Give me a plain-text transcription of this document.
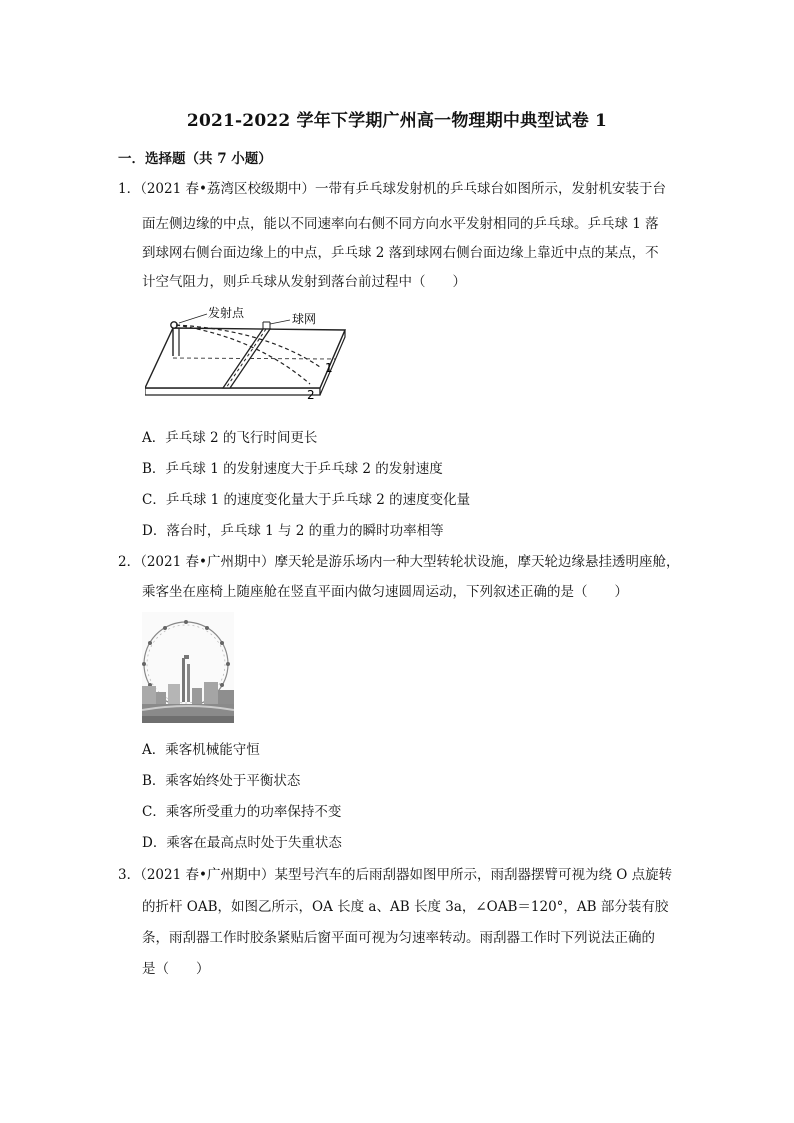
2021-2022 学年下学期广州高一物理期中典型试卷 1
一．选择题（共 7 小题）
1．（2021 春•荔湾区校级期中）一带有乒乓球发射机的乒乓球台如图所示，发射机安装于台
面左侧边缘的中点，能以不同速率向右侧不同方向水平发射相同的乒乓球。乒乓球 1 落
到球网右侧台面边缘上的中点，乒乓球 2 落到球网右侧台面边缘上靠近中点的某点，不
计空气阻力，则乒乓球从发射到落台前过程中（　　）
发射点	球网
1
2
A．乒乓球 2 的飞行时间更长
B．乒乓球 1 的发射速度大于乒乓球 2 的发射速度
C．乒乓球 1 的速度变化量大于乒乓球 2 的速度变化量
D．落台时，乒乓球 1 与 2 的重力的瞬时功率相等
2．（2021 春•广州期中）摩天轮是游乐场内一种大型转轮状设施，摩天轮边缘悬挂透明座舱，
乘客坐在座椅上随座舱在竖直平面内做匀速圆周运动，下列叙述正确的是（　　）
A．乘客机械能守恒
B．乘客始终处于平衡状态
C．乘客所受重力的功率保持不变
D．乘客在最高点时处于失重状态
3．（2021 春•广州期中）某型号汽车的后雨刮器如图甲所示，雨刮器摆臂可视为绕 O 点旋转
的折杆 OAB，如图乙所示，OA 长度 a、AB 长度 3a，∠OAB＝120°，AB 部分装有胶
条，雨刮器工作时胶条紧贴后窗平面可视为匀速率转动。雨刮器工作时下列说法正确的
是（　　）
